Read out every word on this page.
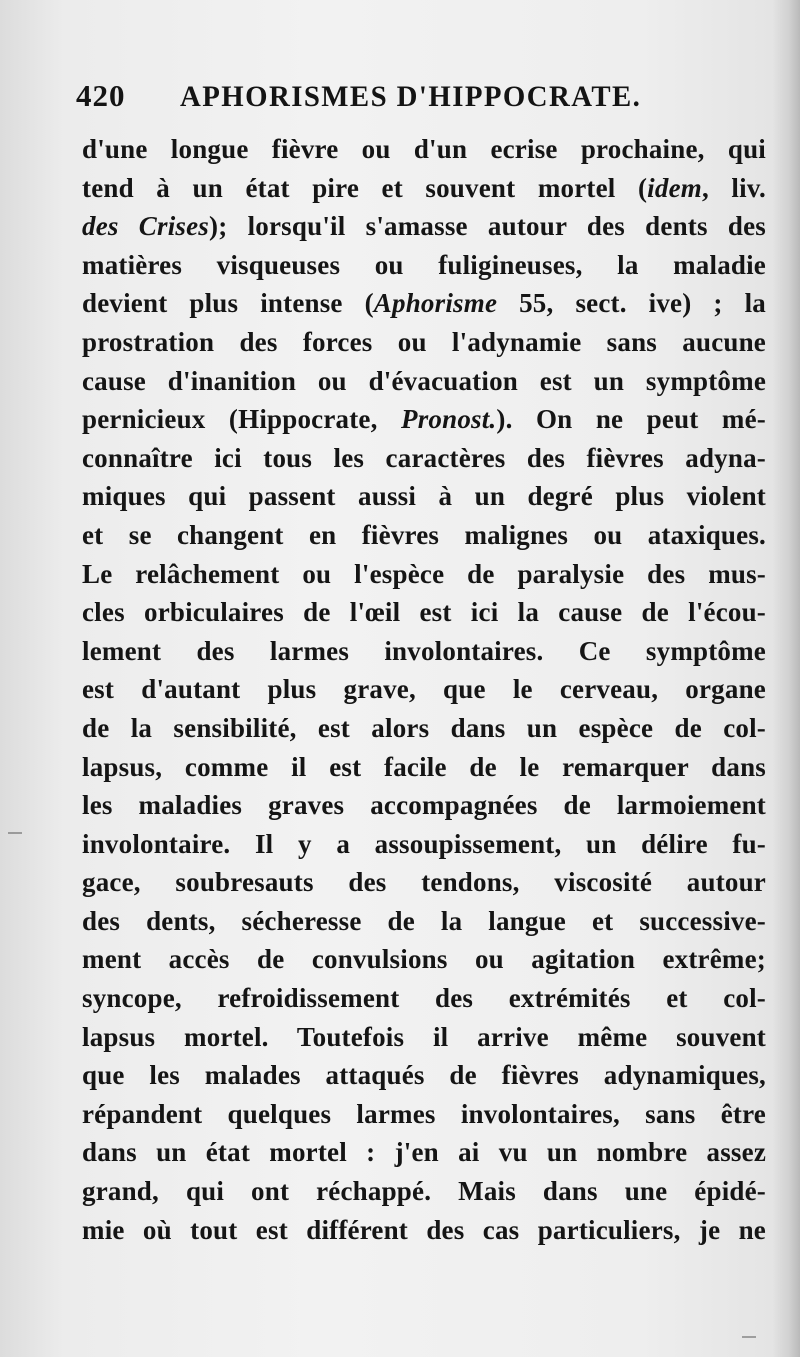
420 APHORISMES D'HIPPOCRATE.
d'une longue fièvre ou d'un ecrise prochaine, qui
tend à un état pire et souvent mortel (idem, liv.
des Crises); lorsqu'il s'amasse autour des dents des
matières visqueuses ou fuligineuses, la maladie
devient plus intense (Aphorisme 55, sect. ive) ; la
prostration des forces ou l'adynamie sans aucune
cause d'inanition ou d'évacuation est un symptôme
pernicieux (Hippocrate, Pronost.). On ne peut mé-
connaître ici tous les caractères des fièvres adyna-
miques qui passent aussi à un degré plus violent
et se changent en fièvres malignes ou ataxiques.
Le relâchement ou l'espèce de paralysie des mus-
cles orbiculaires de l'œil est ici la cause de l'écou-
lement des larmes involontaires. Ce symptôme
est d'autant plus grave, que le cerveau, organe
de la sensibilité, est alors dans un espèce de col-
lapsus, comme il est facile de le remarquer dans
les maladies graves accompagnées de larmoiement
involontaire. Il y a assoupissement, un délire fu-
gace, soubresauts des tendons, viscosité autour
des dents, sécheresse de la langue et successive-
ment accès de convulsions ou agitation extrême;
syncope, refroidissement des extrémités et col-
lapsus mortel. Toutefois il arrive même souvent
que les malades attaqués de fièvres adynamiques,
répandent quelques larmes involontaires, sans être
dans un état mortel : j'en ai vu un nombre assez
grand, qui ont réchappé. Mais dans une épidé-
mie où tout est différent des cas particuliers, je ne
